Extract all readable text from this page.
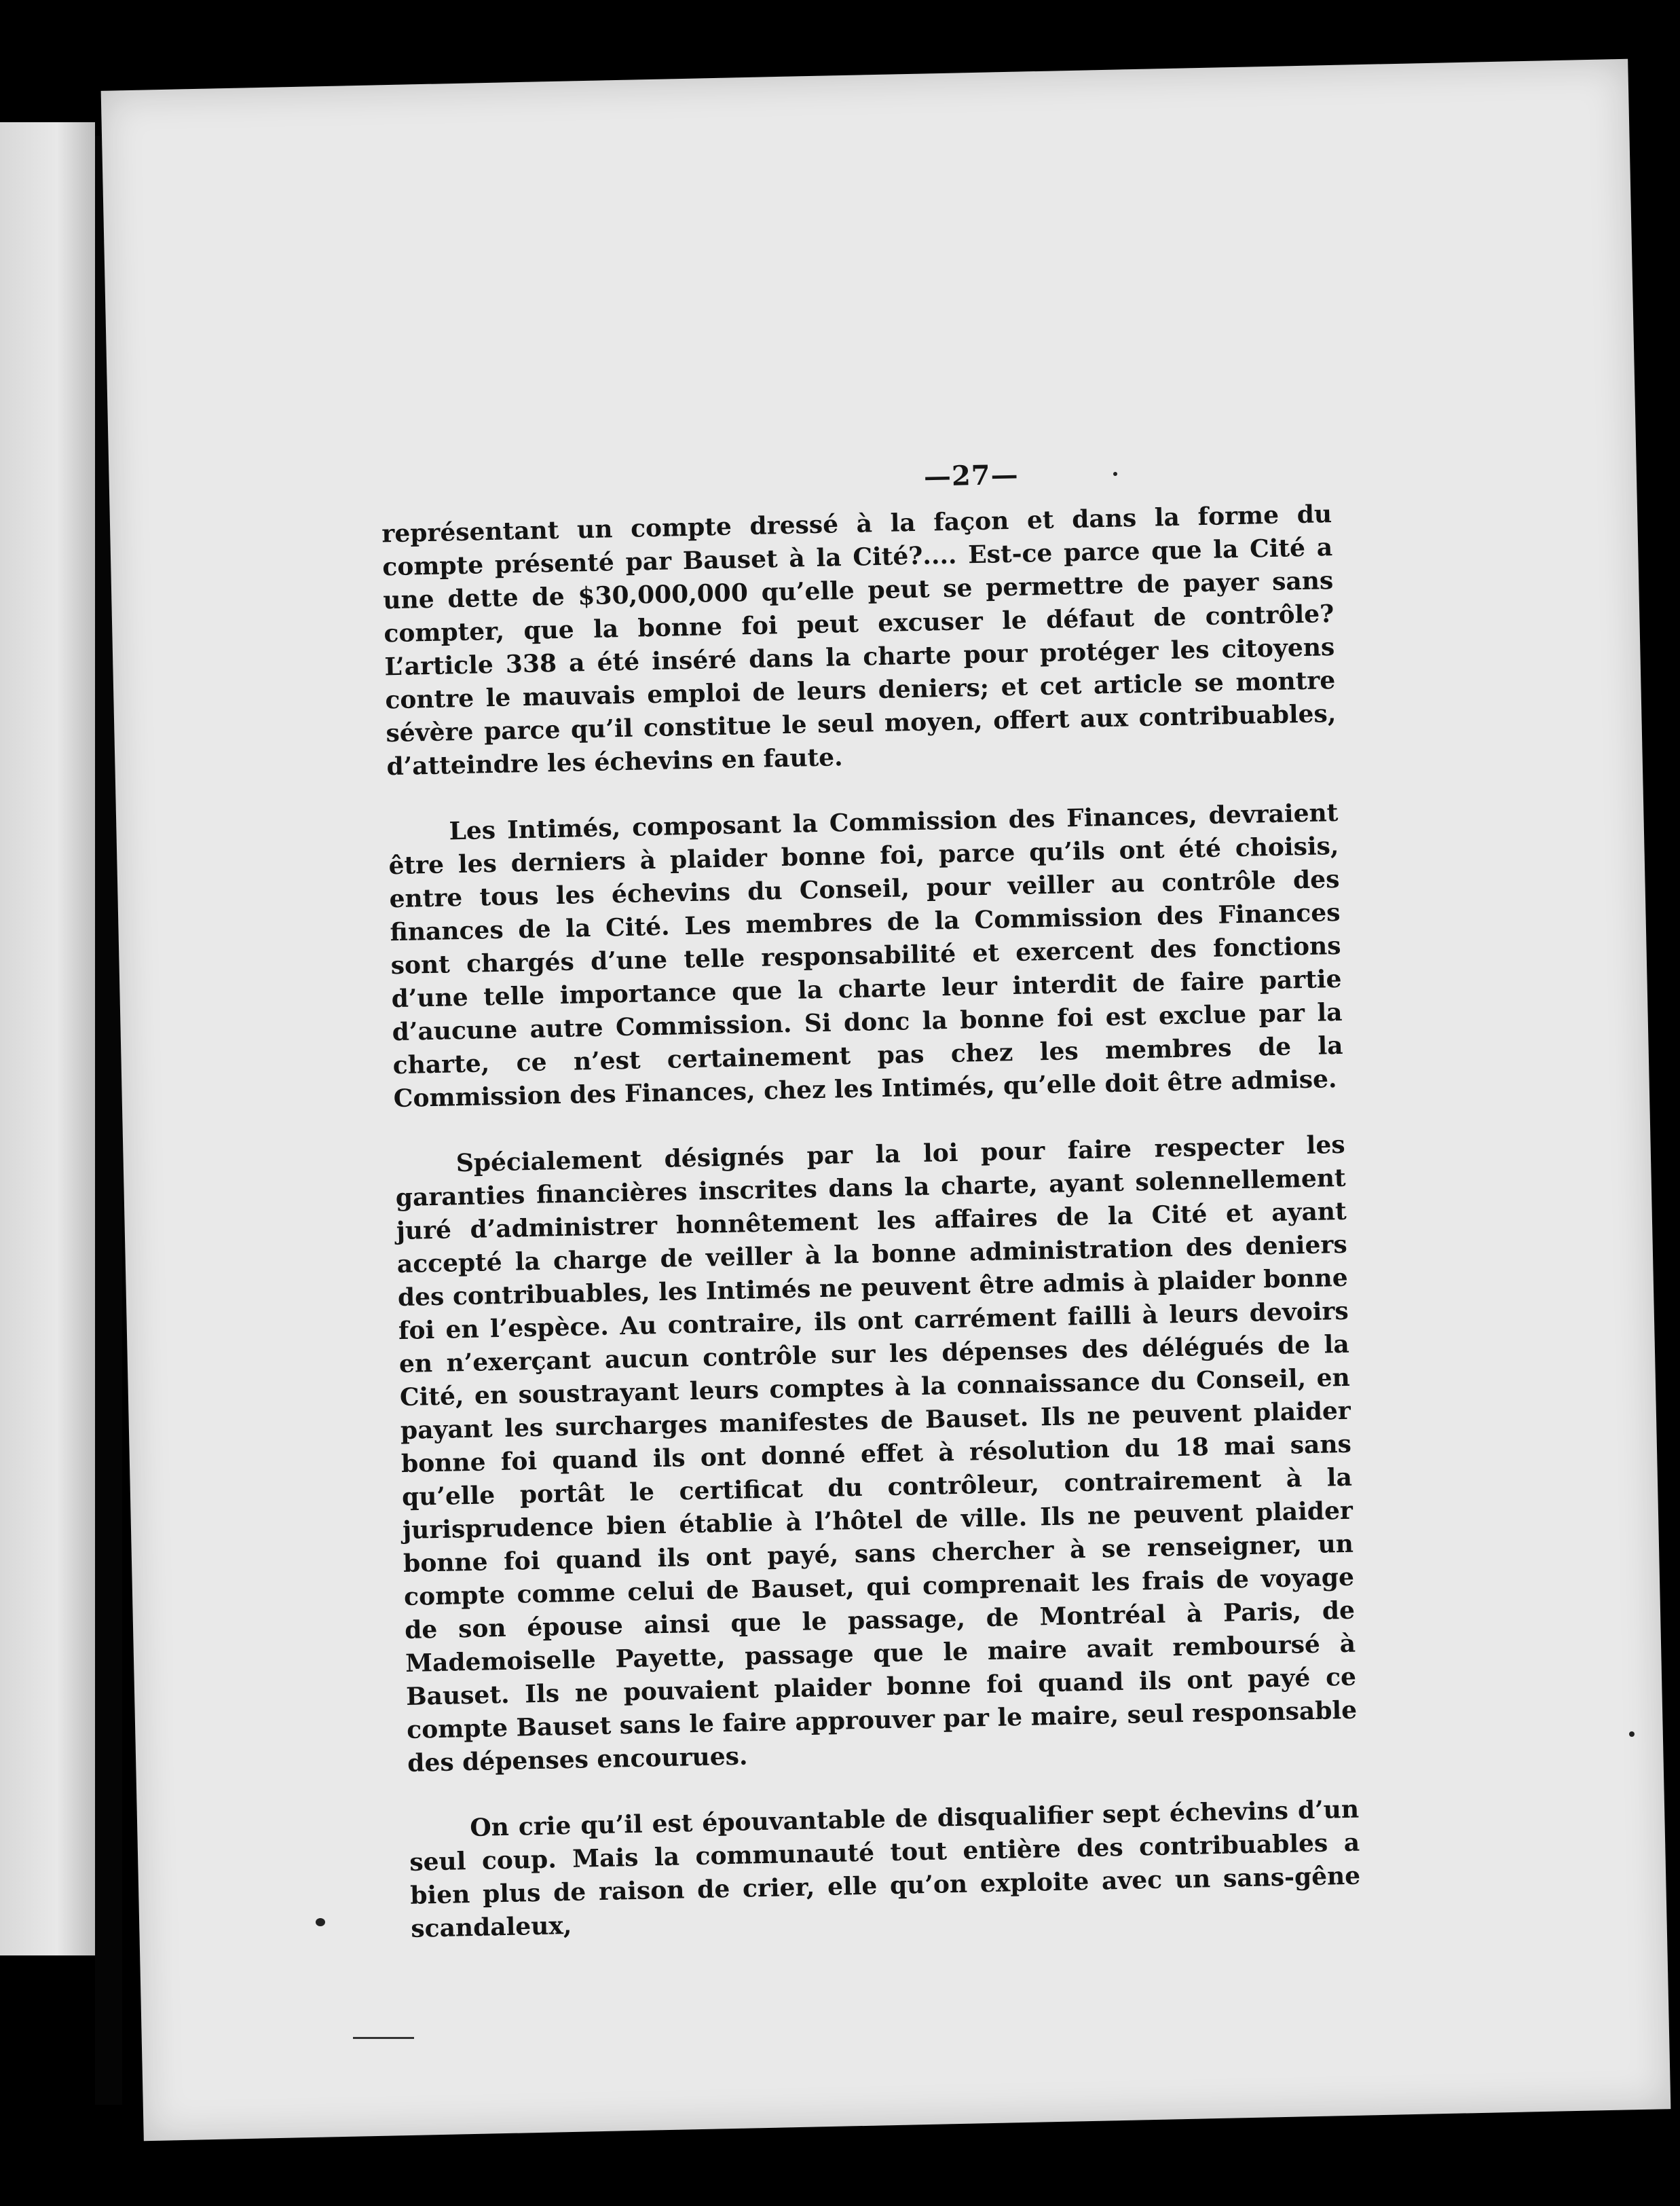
—27—

représentant un compte dressé à la façon et dans la forme du compte présenté par Bauset à la Cité?.... Est-ce parce que la Cité a une dette de $30,000,000 qu’elle peut se permettre de payer sans compter, que la bonne foi peut excuser le défaut de contrôle? L’article 338 a été inséré dans la charte pour protéger les citoyens contre le mauvais emploi de leurs deniers; et cet article se montre sévère parce qu’il constitue le seul moyen, offert aux contribuables, d’atteindre les échevins en faute.

Les Intimés, composant la Commission des Finances, devraient être les derniers à plaider bonne foi, parce qu’ils ont été choisis, entre tous les échevins du Conseil, pour veiller au contrôle des finances de la Cité. Les membres de la Commission des Finances sont chargés d’une telle responsabilité et exercent des fonctions d’une telle importance que la charte leur interdit de faire partie d’aucune autre Commission. Si donc la bonne foi est exclue par la charte, ce n’est certainement pas chez les membres de la Commission des Finances, chez les Intimés, qu’elle doit être admise.

Spécialement désignés par la loi pour faire respecter les garanties financières inscrites dans la charte, ayant solennellement juré d’administrer honnêtement les affaires de la Cité et ayant accepté la charge de veiller à la bonne administration des deniers des contribuables, les Intimés ne peuvent être admis à plaider bonne foi en l’espèce. Au contraire, ils ont carrément failli à leurs devoirs en n’exerçant aucun contrôle sur les dépenses des délégués de la Cité, en soustrayant leurs comptes à la connaissance du Conseil, en payant les surcharges manifestes de Bauset. Ils ne peuvent plaider bonne foi quand ils ont donné effet à résolution du 18 mai sans qu’elle portât le certificat du contrôleur, contrairement à la jurisprudence bien établie à l’hôtel de ville. Ils ne peuvent plaider bonne foi quand ils ont payé, sans chercher à se renseigner, un compte comme celui de Bauset, qui comprenait les frais de voyage de son épouse ainsi que le passage, de Montréal à Paris, de Mademoiselle Payette, passage que le maire avait remboursé à Bauset. Ils ne pouvaient plaider bonne foi quand ils ont payé ce compte Bauset sans le faire approuver par le maire, seul responsable des dépenses encourues.

On crie qu’il est épouvantable de disqualifier sept échevins d’un seul coup. Mais la communauté tout entière des contribuables a bien plus de raison de crier, elle qu’on exploite avec un sans-gêne scandaleux,
